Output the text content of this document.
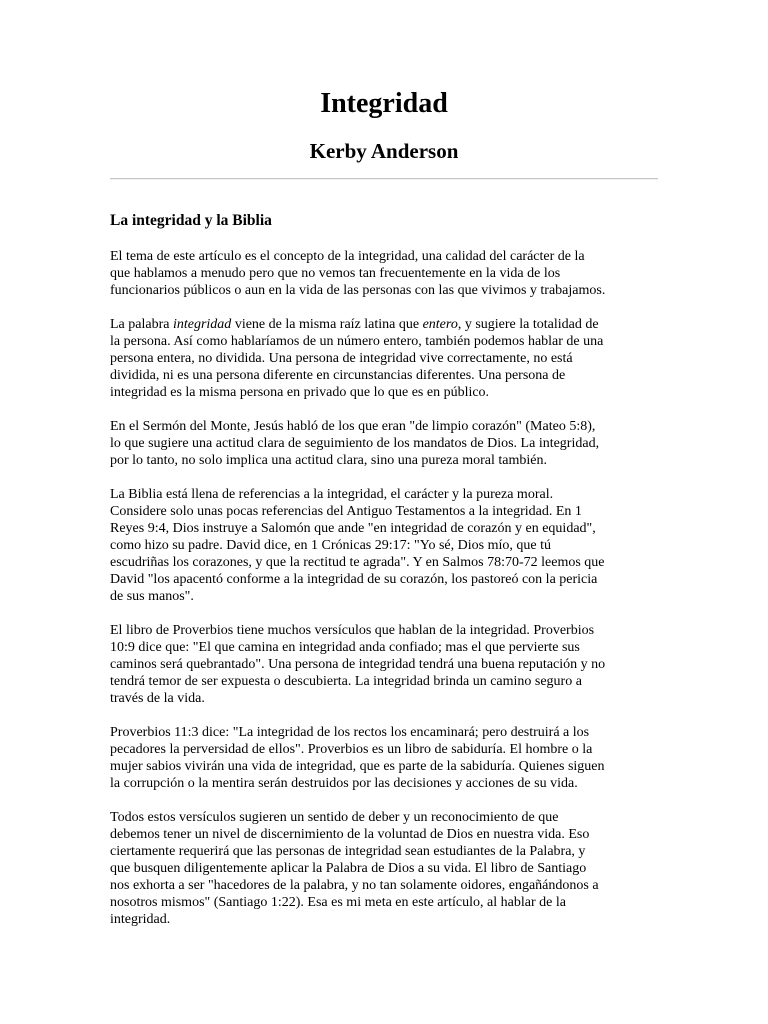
Integridad
Kerby Anderson
La integridad y la Biblia

El tema de este artículo es el concepto de la integridad, una calidad del carácter de la
que hablamos a menudo pero que no vemos tan frecuentemente en la vida de los
funcionarios públicos o aun en la vida de las personas con las que vivimos y trabajamos.

La palabra integridad viene de la misma raíz latina que entero, y sugiere la totalidad de
la persona. Así como hablaríamos de un número entero, también podemos hablar de una
persona entera, no dividida. Una persona de integridad vive correctamente, no está
dividida, ni es una persona diferente en circunstancias diferentes. Una persona de
integridad es la misma persona en privado que lo que es en público.

En el Sermón del Monte, Jesús habló de los que eran "de limpio corazón" (Mateo 5:8),
lo que sugiere una actitud clara de seguimiento de los mandatos de Dios. La integridad,
por lo tanto, no solo implica una actitud clara, sino una pureza moral también.

La Biblia está llena de referencias a la integridad, el carácter y la pureza moral.
Considere solo unas pocas referencias del Antiguo Testamentos a la integridad. En 1
Reyes 9:4, Dios instruye a Salomón que ande "en integridad de corazón y en equidad",
como hizo su padre. David dice, en 1 Crónicas 29:17: "Yo sé, Dios mío, que tú
escudriñas los corazones, y que la rectitud te agrada". Y en Salmos 78:70-72 leemos que
David "los apacentó conforme a la integridad de su corazón, los pastoreó con la pericia
de sus manos".

El libro de Proverbios tiene muchos versículos que hablan de la integridad. Proverbios
10:9 dice que: "El que camina en integridad anda confiado; mas el que pervierte sus
caminos será quebrantado". Una persona de integridad tendrá una buena reputación y no
tendrá temor de ser expuesta o descubierta. La integridad brinda un camino seguro a
través de la vida.

Proverbios 11:3 dice: "La integridad de los rectos los encaminará; pero destruirá a los
pecadores la perversidad de ellos". Proverbios es un libro de sabiduría. El hombre o la
mujer sabios vivirán una vida de integridad, que es parte de la sabiduría. Quienes siguen
la corrupción o la mentira serán destruidos por las decisiones y acciones de su vida.

Todos estos versículos sugieren un sentido de deber y un reconocimiento de que
debemos tener un nivel de discernimiento de la voluntad de Dios en nuestra vida. Eso
ciertamente requerirá que las personas de integridad sean estudiantes de la Palabra, y
que busquen diligentemente aplicar la Palabra de Dios a su vida. El libro de Santiago
nos exhorta a ser "hacedores de la palabra, y no tan solamente oidores, engañándonos a
nosotros mismos" (Santiago 1:22). Esa es mi meta en este artículo, al hablar de la
integridad.
